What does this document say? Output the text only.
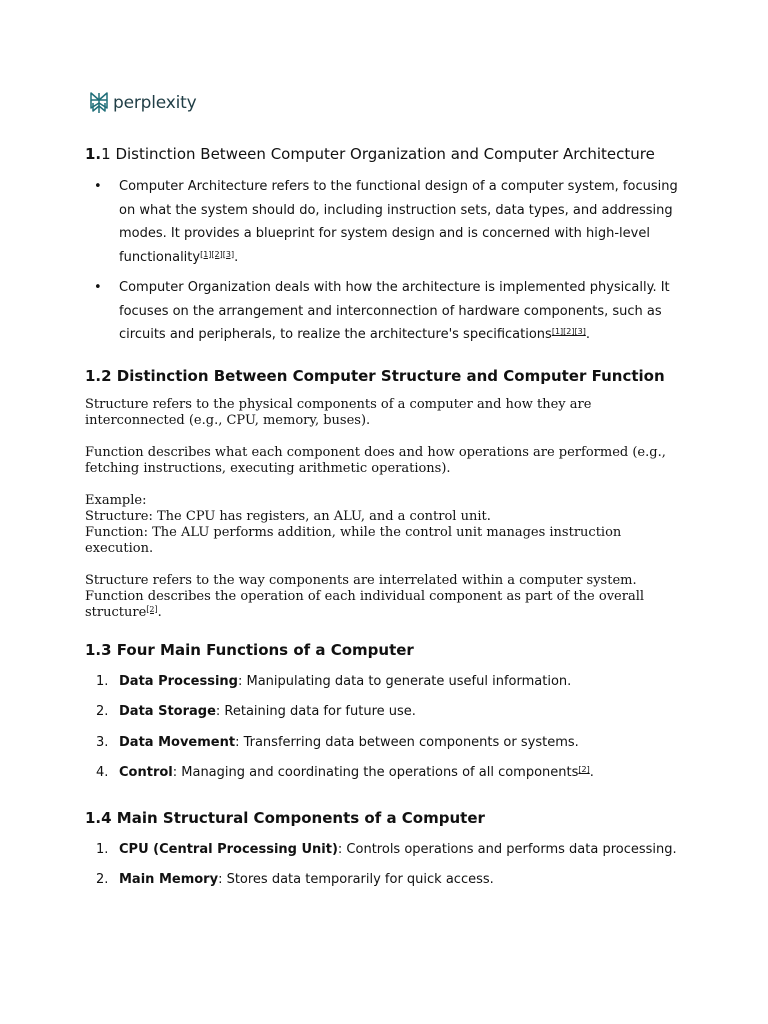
perplexity
1.1 Distinction Between Computer Organization and Computer Architecture
• Computer Architecture refers to the functional design of a computer system, focusing on what the system should do, including instruction sets, data types, and addressing modes. It provides a blueprint for system design and is concerned with high-level functionality[1][2][3].
• Computer Organization deals with how the architecture is implemented physically. It focuses on the arrangement and interconnection of hardware components, such as circuits and peripherals, to realize the architecture's specifications[1][2][3].
1.2 Distinction Between Computer Structure and Computer Function

Structure refers to the physical components of a computer and how they are interconnected (e.g., CPU, memory, buses).

Function describes what each component does and how operations are performed (e.g., fetching instructions, executing arithmetic operations).

Example:

Structure: The CPU has registers, an ALU, and a control unit.

Function: The ALU performs addition, while the control unit manages instruction execution.

Structure refers to the way components are interrelated within a computer system. Function describes the operation of each individual component as part of the overall structure[2].

1.3 Four Main Functions of a Computer
1. Data Processing: Manipulating data to generate useful information.
2. Data Storage: Retaining data for future use.
3. Data Movement: Transferring data between components or systems.
4. Control: Managing and coordinating the operations of all components[2].
1.4 Main Structural Components of a Computer
1. CPU (Central Processing Unit): Controls operations and performs data processing.
2. Main Memory: Stores data temporarily for quick access.
